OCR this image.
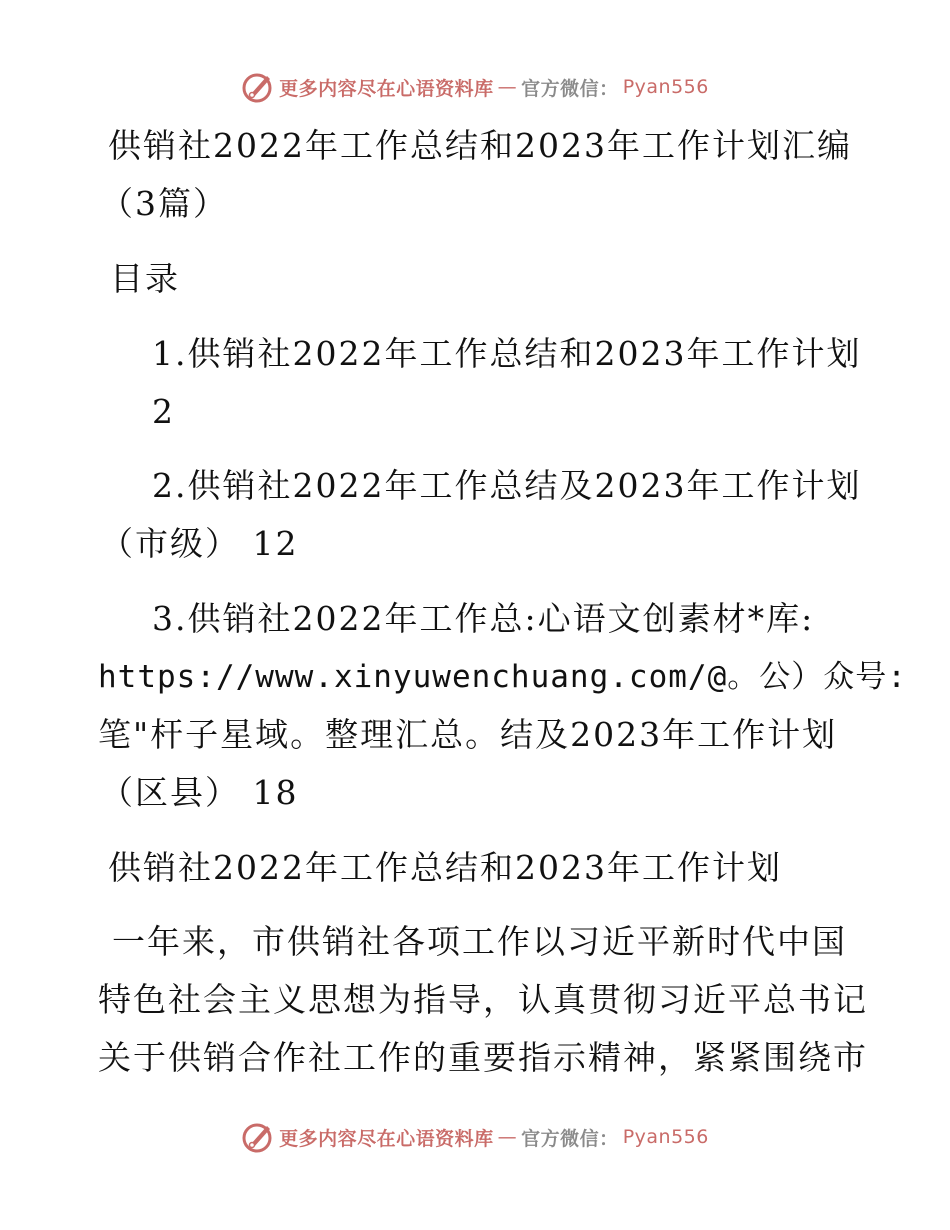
更多内容尽在心语资料库 — 官方微信： Pyan556
供销社2022年工作总结和2023年工作计划汇编
（3篇）
目录
1.供销社2022年工作总结和2023年工作计划
2
2.供销社2022年工作总结及2023年工作计划
（市级） 12
3.供销社2022年工作总:心语文创素材*库:
https://www.xinyuwenchuang.com/@。公）众号:
笔"杆子星域。整理汇总。结及2023年工作计划
（区县） 18
供销社2022年工作总结和2023年工作计划
一年来，市供销社各项工作以习近平新时代中国
特色社会主义思想为指导，认真贯彻习近平总书记
关于供销合作社工作的重要指示精神，紧紧围绕市
更多内容尽在心语资料库 — 官方微信： Pyan556
